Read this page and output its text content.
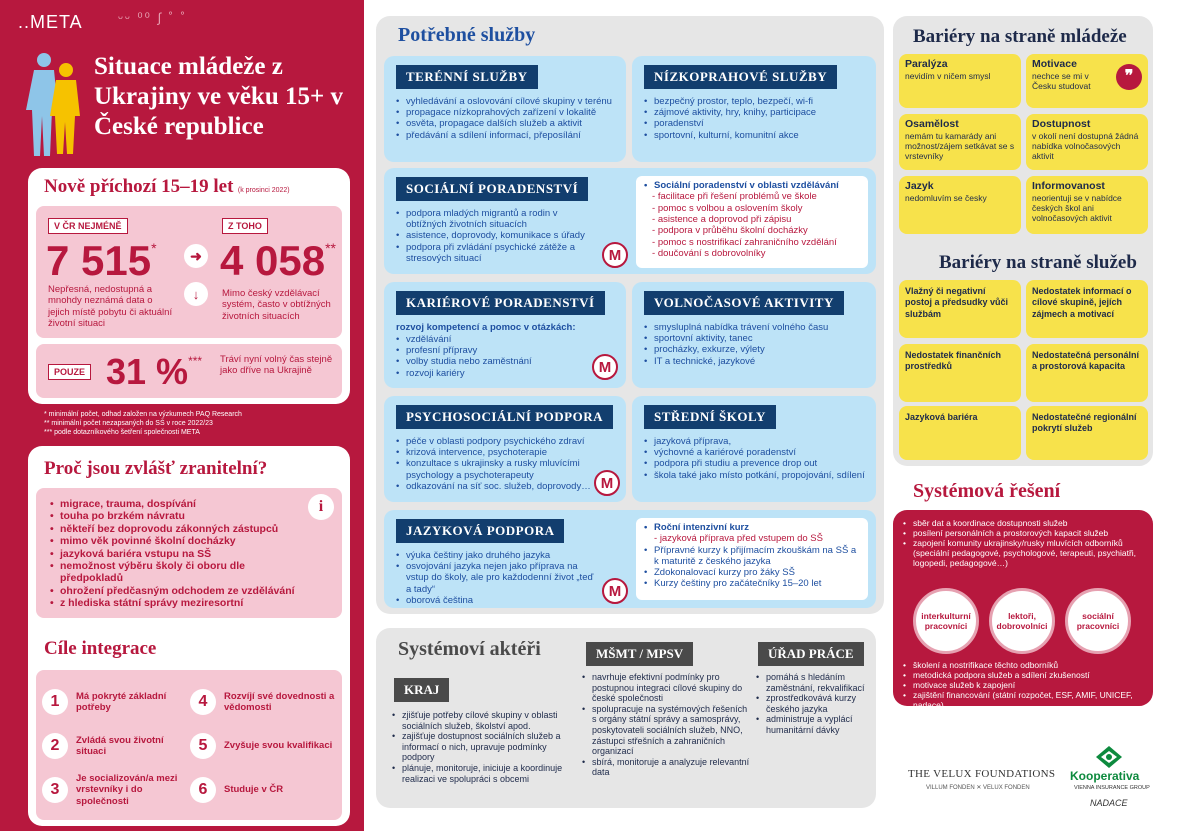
..META	ᵕᵕ ⁰⁰ ∫ ˚ ˚
Situace mládeže z Ukrajiny ve věku 15+ v České republice
Nově příchozí 15–19 let (k prosinci 2022)
V ČR NEJMÉNĚ
7 515*
Nepřesná, nedostupná a mnohdy neznámá data o jejich místě pobytu či aktuální životní situaci
➜
↓
Z TOHO
4 058**
Mimo český vzdělávací systém, často v obtížných životních situacích
POUZE 31 %*** Tráví nyní volný čas stejně jako dříve na Ukrajině
* minimální počet, odhad založen na výzkumech PAQ Research
** minimální počet nezapsaných do SŠ v roce 2022/23
*** podle dotazníkového šetření společnosti META
Proč jsou zvlášť zranitelní?
• migrace, trauma, dospívání
• touha po brzkém návratu
• někteří bez doprovodu zákonných zástupců
• mimo věk povinné školní docházky
• jazyková bariéra vstupu na SŠ
• nemožnost výběru školy či oboru dle předpokladů
• ohrožení předčasným odchodem ze vzdělávání
• z hlediska státní správy meziresortní
i
Cíle integrace
1	Má pokryté základní potřeby
2	Zvládá svou životní situaci
3
Je socializován/a mezi vrstevníky i do společnosti
4	Rozvíjí své dovednosti a vědomosti
5	Zvyšuje svou kvalifikaci
6	Studuje v ČR
Potřebné služby
TERÉNNÍ SLUŽBY
• vyhledávání a oslovování cílové skupiny v terénu
• propagace nízkoprahových zařízení v lokalitě
• osvěta, propagace dalších služeb a aktivit
• předávání a sdílení informací, přeposílání
NÍZKOPRAHOVÉ SLUŽBY
• bezpečný prostor, teplo, bezpečí, wi-fi
• zájmové aktivity, hry, knihy, participace
• poradenství
• sportovní, kulturní, komunitní akce
SOCIÁLNÍ PORADENSTVÍ
• podpora mladých migrantů a rodin v obtížných životních situacích
• asistence, doprovody, komunikace s úřady
• podpora při zvládání psychické zátěže a stresových situací	M
• Sociální poradenství v oblasti vzdělávání
- facilitace při řešení problémů ve škole
- pomoc s volbou a oslovením školy
- asistence a doprovod při zápisu
- podpora v průběhu školní docházky
- pomoc s nostrifikací zahraničního vzdělání
- doučování s dobrovolníky
KARIÉROVÉ PORADENSTVÍ
rozvoj kompetencí a pomoc v otázkách:
• vzdělávání
• profesní přípravy
• volby studia nebo zaměstnání
• rozvoji kariéry	M
VOLNOČASOVÉ AKTIVITY
• smysluplná nabídka trávení volného času
• sportovní aktivity, tanec
• procházky, exkurze, výlety
• IT a technické, jazykové
PSYCHOSOCIÁLNÍ PODPORA
• péče v oblasti podpory psychického zdraví
• krizová intervence, psychoterapie
• konzultace s ukrajinsky a rusky mluvícími psychology a psychoterapeuty
• odkazování na síť soc. služeb, doprovody… M
STŘEDNÍ ŠKOLY
• jazyková příprava,
• výchovné a kariérové poradenství
• podpora při studiu a prevence drop out
• škola také jako místo potkání, propojování, sdílení
JAZYKOVÁ PODPORA
• výuka češtiny jako druhého jazyka
• osvojování jazyka nejen jako příprava na vstup do školy, ale pro každodenní život „teď a tady“
• oborová čeština
M
• Roční intenzivní kurz
- jazyková příprava před vstupem do SŠ
• Přípravné kurzy k přijímacím zkouškám na SŠ a k maturitě z českého jazyka
• Zdokonalovací kurzy pro žáky SŠ
• Kurzy češtiny pro začátečníky 15–20 let
Systémoví aktéři
KRAJ
• zjišťuje potřeby cílové skupiny v oblasti sociálních služeb, školství apod.
• zajišťuje dostupnost sociálních služeb a informací o nich, upravuje podmínky podpory
• plánuje, monitoruje, iniciuje a koordinuje realizaci ve spolupráci s obcemi
MŠMT / MPSV
• navrhuje efektivní podmínky pro postupnou integraci cílové skupiny do české společnosti
• spolupracuje na systémových řešeních s orgány státní správy a samosprávy, poskytovateli sociálních služeb, NNO, zástupci střešních a zahraničních organizací
• sbírá, monitoruje a analyzuje relevantní data
ÚŘAD PRÁCE
• pomáhá s hledáním zaměstnání, rekvalifikací
• zprostředkovává kurzy českého jazyka
• administruje a vyplácí humanitární dávky
Bariéry na straně mládeže
Paralýza
nevidím v ničem smysl
Motivace
nechce se mi v Česku studovat
❞
Osamělost
nemám tu kamarády ani možnost/zájem setkávat se s vrstevníky
Dostupnost
v okolí není dostupná žádná nabídka volnočasových aktivit
Jazyk
nedomluvím se česky
Informovanost
neorientuji se v nabídce českých škol ani volnočasových aktivit
Bariéry na straně služeb
Vlažný či negativní postoj a předsudky vůči službám
Nedostatek informací o cílové skupině, jejích zájmech a motivací
Nedostatek finančních prostředků
Nedostatečná personální a prostorová kapacita
Jazyková bariéra	Nedostatečné regionální pokrytí služeb
Systémová řešení
• sběr dat a koordinace dostupnosti služeb
• posílení personálních a prostorových kapacit služeb
• zapojení komunity ukrajinsky/rusky mluvících odborníků (speciální pedagogové, psychologové, terapeuti, psychiatři, logopedi, pedagogové…)
interkulturní pracovníci
lektoři, dobrovolníci
sociální pracovníci
• školení a nostrifikace těchto odborníků
• metodická podpora služeb a sdílení zkušeností
• motivace služeb k zapojení
• zajištění financování (státní rozpočet, ESF, AMIF, UNICEF, nadace)
THE VELUX FOUNDATIONS
VILLUM FONDEN ✕ VELUX FONDEN
Kooperativa
VIENNA INSURANCE GROUP
NADACE
